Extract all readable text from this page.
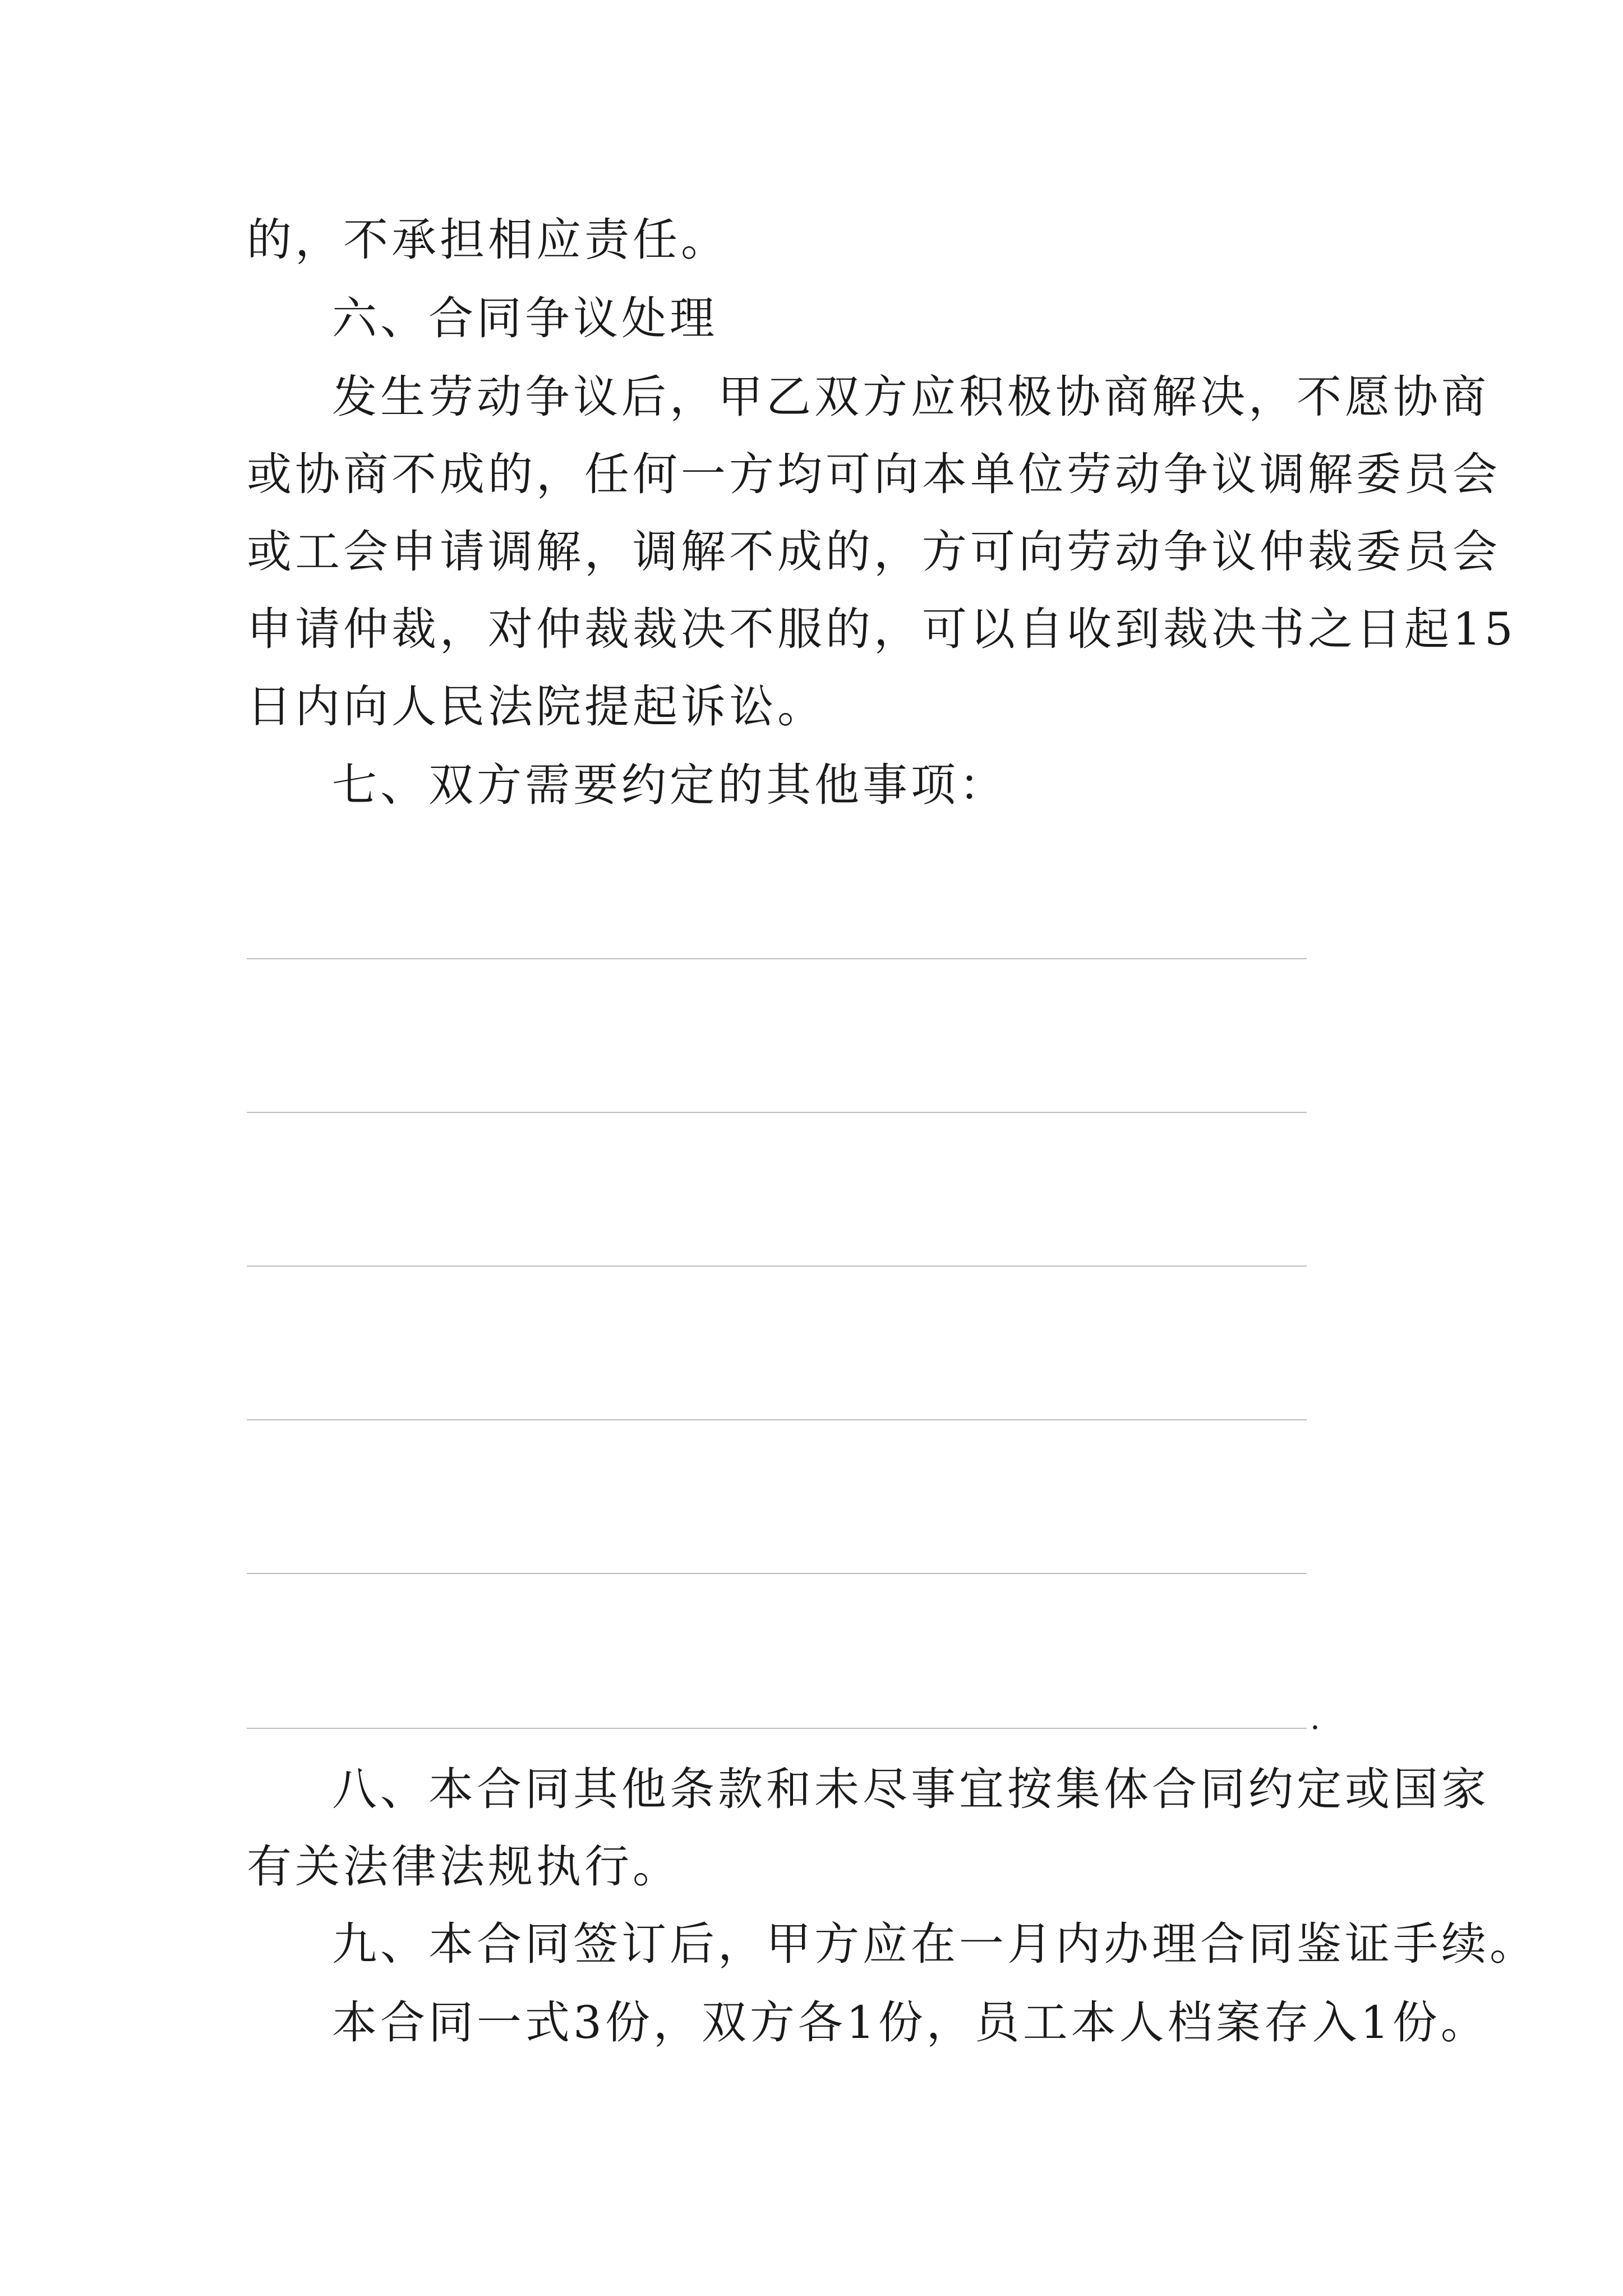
的，不承担相应责任。
六、合同争议处理
发生劳动争议后，甲乙双方应积极协商解决，不愿协商
或协商不成的，任何一方均可向本单位劳动争议调解委员会
或工会申请调解，调解不成的，方可向劳动争议仲裁委员会
申请仲裁，对仲裁裁决不服的，可以自收到裁决书之日起15
日内向人民法院提起诉讼。
七、双方需要约定的其他事项：
.
八、本合同其他条款和未尽事宜按集体合同约定或国家
有关法律法规执行。
九、本合同签订后，甲方应在一月内办理合同鉴证手续。
本合同一式3份，双方各1份，员工本人档案存入1份。
